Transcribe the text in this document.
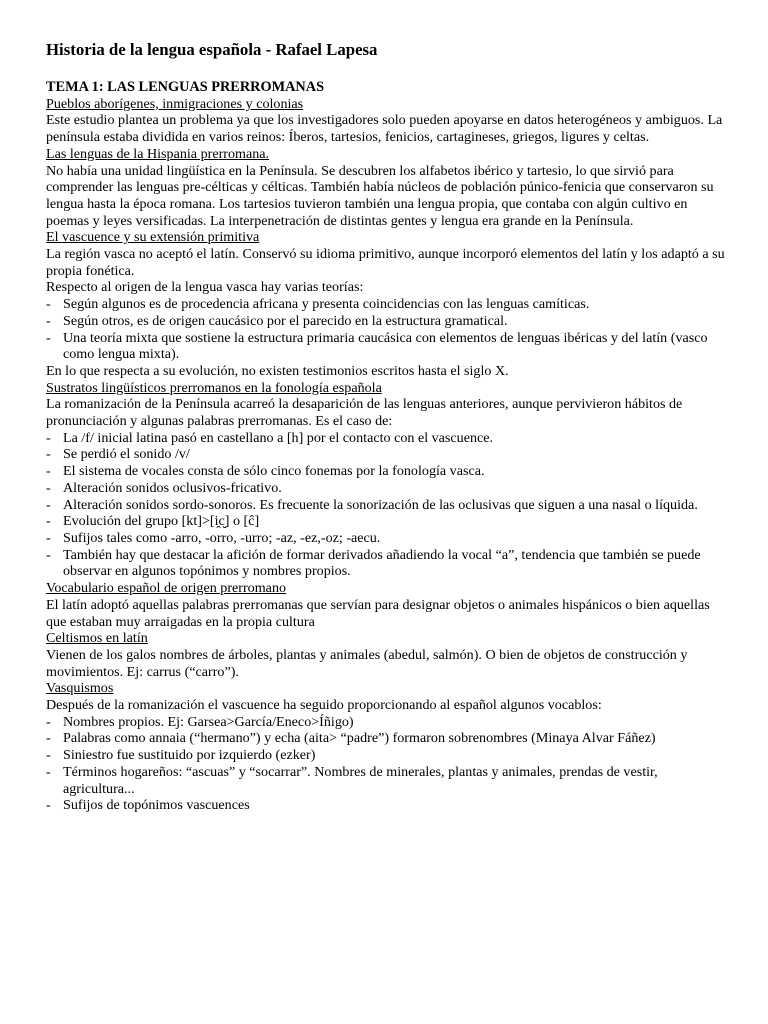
Historia de la lengua española - Rafael Lapesa
TEMA 1: LAS LENGUAS PRERROMANAS
Pueblos aborígenes, inmigraciones y colonias
Este estudio plantea un problema ya que los investigadores solo pueden apoyarse en datos heterogéneos y ambiguos. La península estaba dividida en varios reinos: Íberos, tartesios, fenicios, cartagineses, griegos, ligures y celtas.
Las lenguas de la Hispania prerromana.
No había una unidad lingüística en la Península. Se descubren los alfabetos ibérico y tartesio, lo que sirvió para comprender las lenguas pre-célticas y célticas. También había núcleos de población púnico-fenicia que conservaron su lengua hasta la época romana. Los tartesios tuvieron también una lengua propia, que contaba con algún cultivo en poemas y leyes versificadas. La interpenetración de distintas gentes y lengua era grande en la Península.
El vascuence y su extensión primitiva
La región vasca no aceptó el latín. Conservó su idioma primitivo, aunque incorporó elementos del latín y los adaptó a su propia fonética.
Respecto al origen de la lengua vasca hay varias teorías:
- Según algunos es de procedencia africana y presenta coincidencias con las lenguas camíticas.
- Según otros, es de origen caucásico por el parecido en la estructura gramatical.
- Una teoría mixta que sostiene la estructura primaria caucásica con elementos de lenguas ibéricas y del latín (vasco como lengua mixta).
En lo que respecta a su evolución, no existen testimonios escritos hasta el siglo X.
Sustratos lingüísticos prerromanos en la fonología española
La romanización de la Península acarreó la desaparición de las lenguas anteriores, aunque pervivieron hábitos de pronunciación y algunas palabras prerromanas. Es el caso de:
- La /f/ inicial latina pasó en castellano a [h] por el contacto con el vascuence.
- Se perdió el sonido /v/
- El sistema de vocales consta de sólo cinco fonemas por la fonología vasca.
- Alteración sonidos oclusivos-fricativo.
- Alteración sonidos sordo-sonoros. Es frecuente la sonorización de las oclusivas que siguen a una nasal o líquida.
- Evolución del grupo [kt]>[i̯c̮] o [ĉ]
- Sufijos tales como -arro, -orro, -urro; -az, -ez,-oz; -aecu.
- También hay que destacar la afición de formar derivados añadiendo la vocal “a”, tendencia que también se puede observar en algunos topónimos y nombres propios.
Vocabulario español de origen prerromano
El latín adoptó aquellas palabras prerromanas que servían para designar objetos o animales hispánicos o bien aquellas que estaban muy arraigadas en la propia cultura
Celtismos en latín
Vienen de los galos nombres de árboles, plantas y animales (abedul, salmón). O bien de objetos de construcción y movimientos. Ej: carrus (“carro”).
Vasquismos
Después de la romanización el vascuence ha seguido proporcionando al español algunos vocablos:
- Nombres propios. Ej: Garsea>García/Eneco>Íñigo)
- Palabras como annaia (“hermano”) y echa (aita> “padre”) formaron sobrenombres (Minaya Alvar Fáñez)
- Siniestro fue sustituido por izquierdo (ezker)
- Términos hogareños: “ascuas” y “socarrar”. Nombres de minerales, plantas y animales, prendas de vestir, agricultura...
- Sufijos de topónimos vascuences
